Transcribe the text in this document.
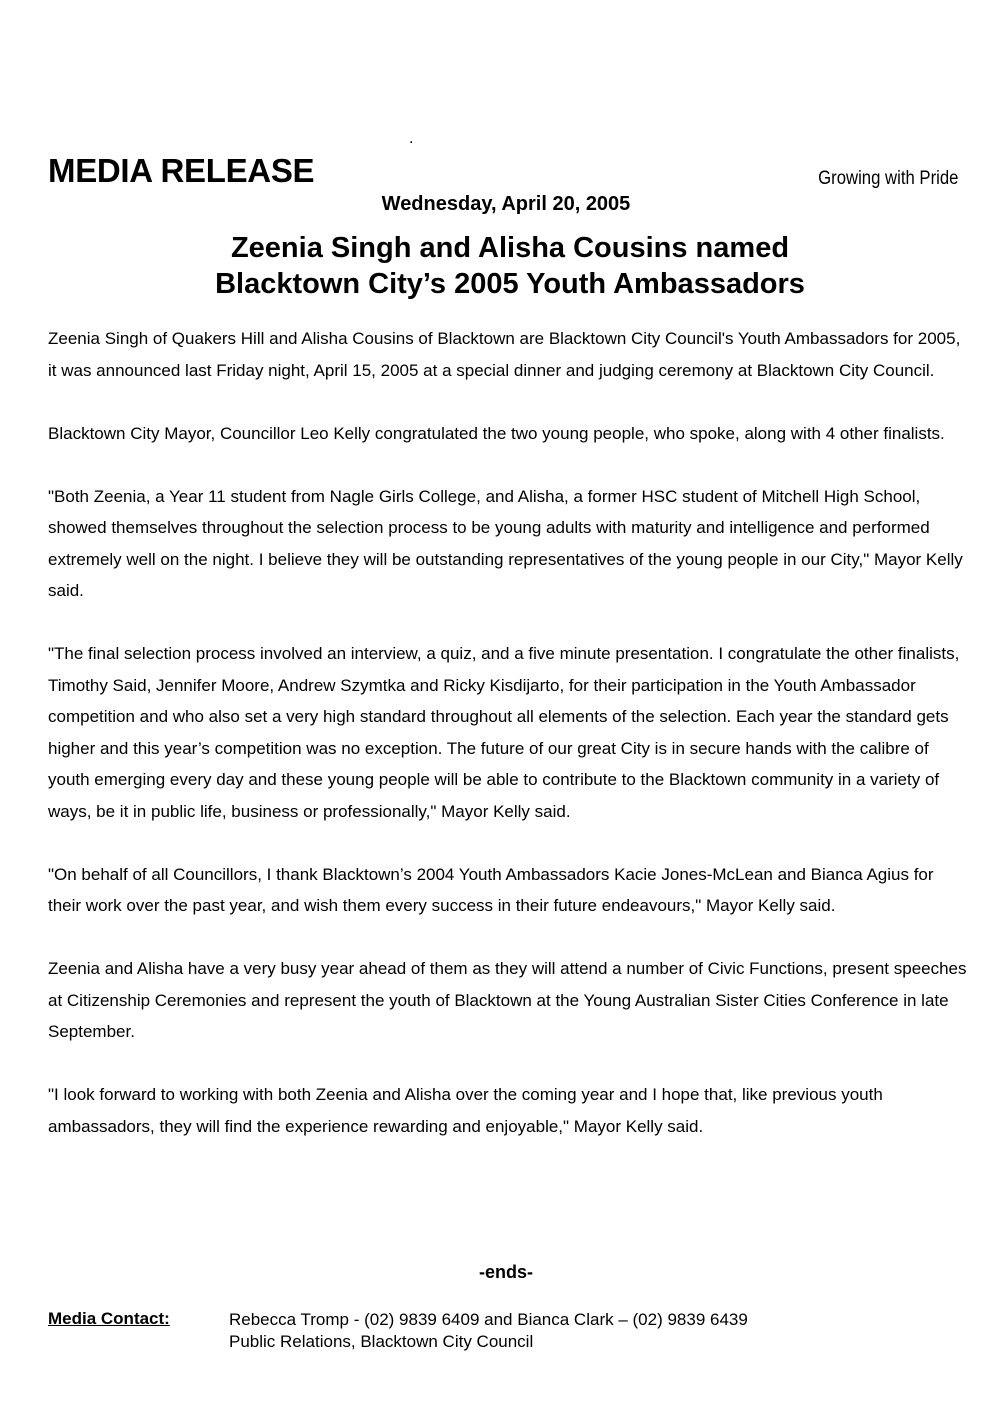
.
MEDIA RELEASE	Growing with Pride
Wednesday, April 20, 2005
Zeenia Singh and Alisha Cousins named
Blacktown City’s 2005 Youth Ambassadors

Zeenia Singh of Quakers Hill and Alisha Cousins of Blacktown are Blacktown City Council's Youth Ambassadors for 2005, it was announced last Friday night, April 15, 2005 at a special dinner and judging ceremony at Blacktown City Council.

Blacktown City Mayor, Councillor Leo Kelly congratulated the two young people, who spoke, along with 4 other finalists.

"Both Zeenia, a Year 11 student from Nagle Girls College, and Alisha, a former HSC student of Mitchell High School, showed themselves throughout the selection process to be young adults with maturity and intelligence and performed extremely well on the night. I believe they will be outstanding representatives of the young people in our City," Mayor Kelly said.

"The final selection process involved an interview, a quiz, and a five minute presentation. I congratulate the other finalists, Timothy Said, Jennifer Moore, Andrew Szymtka and Ricky Kisdijarto, for their participation in the Youth Ambassador competition and who also set a very high standard throughout all elements of the selection. Each year the standard gets higher and this year’s competition was no exception. The future of our great City is in secure hands with the calibre of youth emerging every day and these young people will be able to contribute to the Blacktown community in a variety of ways, be it in public life, business or professionally," Mayor Kelly said.

"On behalf of all Councillors, I thank Blacktown’s 2004 Youth Ambassadors Kacie Jones-McLean and Bianca Agius for their work over the past year, and wish them every success in their future endeavours," Mayor Kelly said.

Zeenia and Alisha have a very busy year ahead of them as they will attend a number of Civic Functions, present speeches at Citizenship Ceremonies and represent the youth of Blacktown at the Young Australian Sister Cities Conference in late September.

"I look forward to working with both Zeenia and Alisha over the coming year and I hope that, like previous youth ambassadors, they will find the experience rewarding and enjoyable," Mayor Kelly said.

-ends-
Media Contact:	Rebecca Tromp - (02) 9839 6409 and Bianca Clark – (02) 9839 6439
Public Relations, Blacktown City Council
